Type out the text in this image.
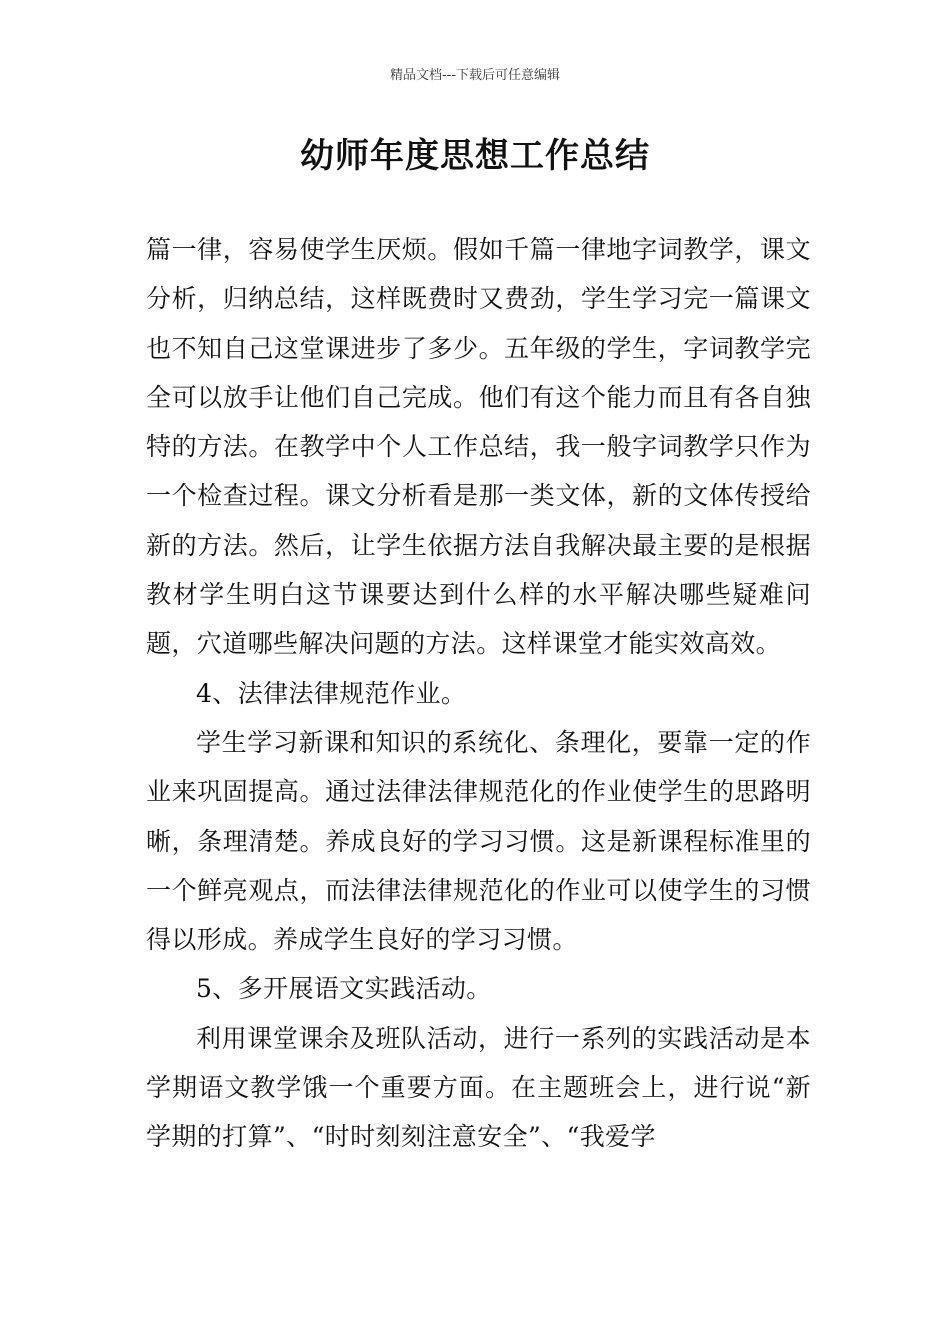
精品文档---下载后可任意编辑
幼师年度思想工作总结

篇一律，容易使学生厌烦。假如千篇一律地字词教学，课文分析，归纳总结，这样既费时又费劲，学生学习完一篇课文也不知自己这堂课进步了多少。五年级的学生，字词教学完全可以放手让他们自己完成。他们有这个能力而且有各自独特的方法。在教学中个人工作总结，我一般字词教学只作为一个检查过程。课文分析看是那一类文体，新的文体传授给新的方法。然后，让学生依据方法自我解决最主要的是根据教材学生明白这节课要达到什么样的水平解决哪些疑难问题，穴道哪些解决问题的方法。这样课堂才能实效高效。

4、法律法律规范作业。

学生学习新课和知识的系统化、条理化，要靠一定的作业来巩固提高。通过法律法律规范化的作业使学生的思路明晰，条理清楚。养成良好的学习习惯。这是新课程标准里的一个鲜亮观点，而法律法律规范化的作业可以使学生的习惯得以形成。养成学生良好的学习习惯。

5、多开展语文实践活动。

利用课堂课余及班队活动，进行一系列的实践活动是本学期语文教学饿一个重要方面。在主题班会上，进行说“新学期的打算”、“时时刻刻注意安全”、“我爱学
